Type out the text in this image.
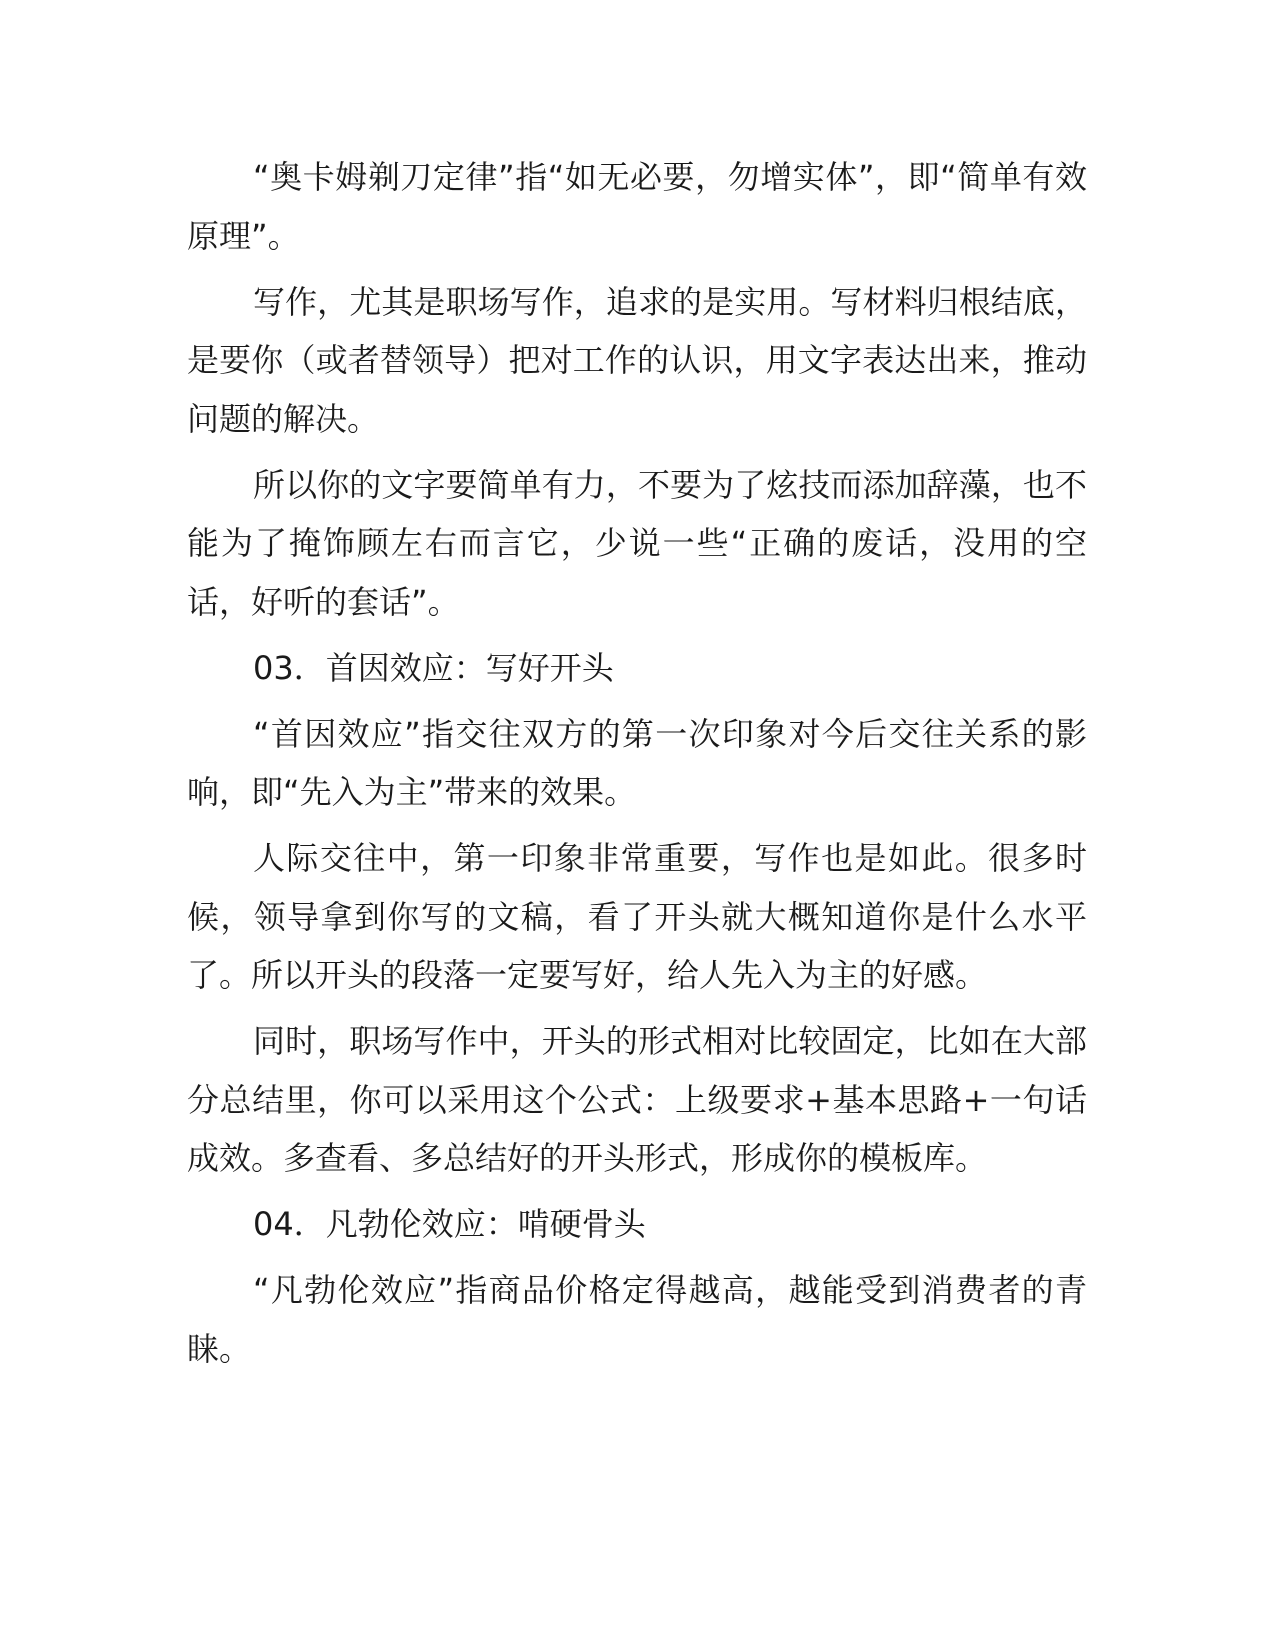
“奥卡姆剃刀定律”指“如无必要，勿增实体”，即“简单有效原理”。

写作，尤其是职场写作，追求的是实用。写材料归根结底，是要你（或者替领导）把对工作的认识，用文字表达出来，推动问题的解决。

所以你的文字要简单有力，不要为了炫技而添加辞藻，也不能为了掩饰顾左右而言它，少说一些“正确的废话，没用的空话，好听的套话”。

03．首因效应：写好开头

“首因效应”指交往双方的第一次印象对今后交往关系的影响，即“先入为主”带来的效果。

人际交往中，第一印象非常重要，写作也是如此。很多时候，领导拿到你写的文稿，看了开头就大概知道你是什么水平了。所以开头的段落一定要写好，给人先入为主的好感。

同时，职场写作中，开头的形式相对比较固定，比如在大部分总结里，你可以采用这个公式：上级要求+基本思路+一句话成效。多查看、多总结好的开头形式，形成你的模板库。

04．凡勃伦效应：啃硬骨头

“凡勃伦效应”指商品价格定得越高，越能受到消费者的青睐。
